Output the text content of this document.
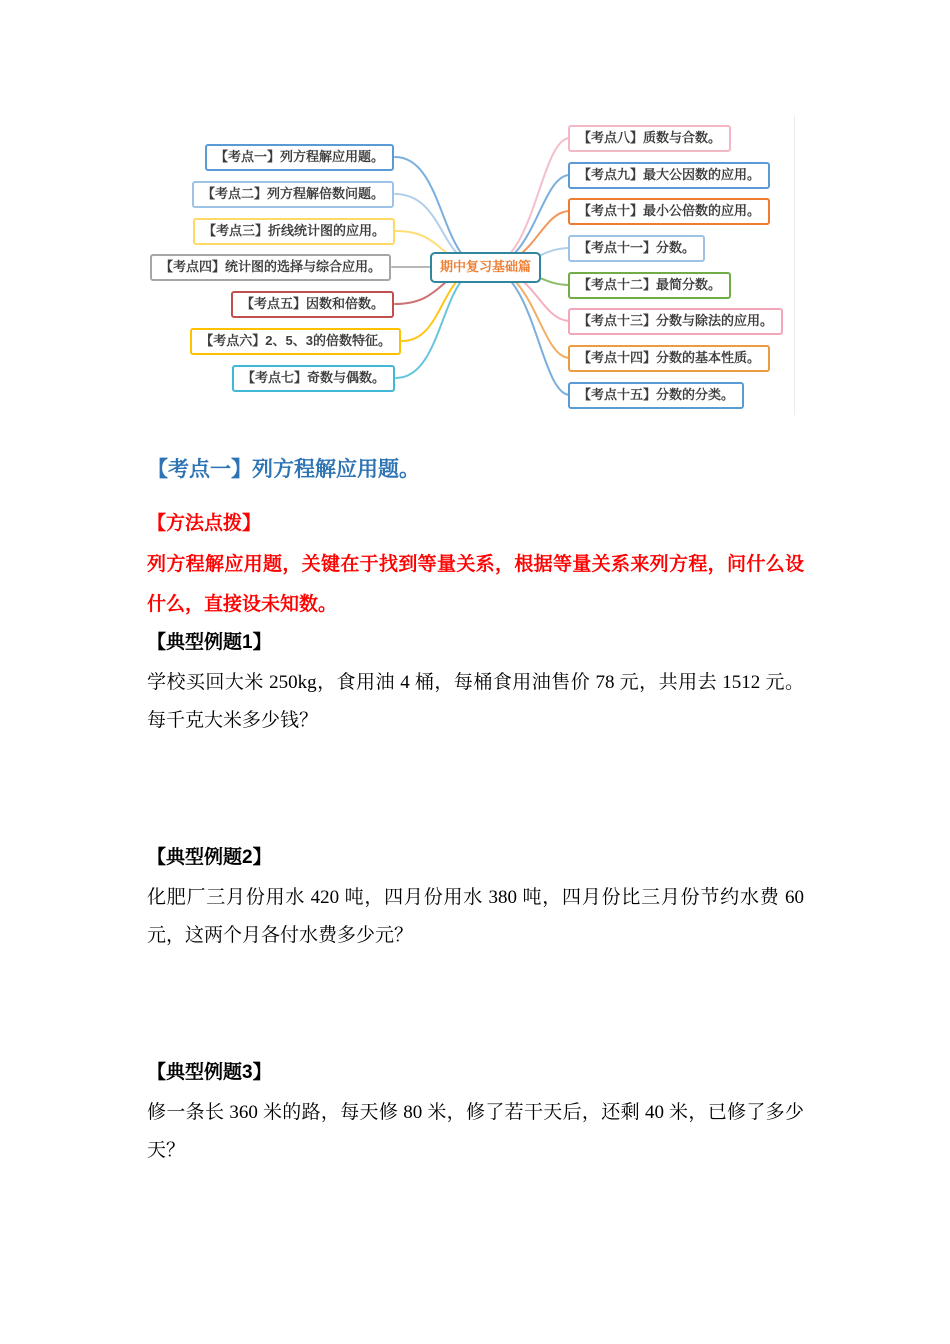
【考点一】列方程解应用题。
【考点二】列方程解倍数问题。
【考点三】折线统计图的应用。
【考点四】统计图的选择与综合应用。
【考点五】因数和倍数。
【考点六】2、5、3的倍数特征。
【考点七】奇数与偶数。
【考点八】质数与合数。
【考点九】最大公因数的应用。
【考点十】最小公倍数的应用。
【考点十一】分数。
【考点十二】最简分数。
【考点十三】分数与除法的应用。
【考点十四】分数的基本性质。
【考点十五】分数的分类。
期中复习基础篇
【考点一】列方程解应用题。
【方法点拨】
列方程解应用题，关键在于找到等量关系，根据等量关系来列方程，问什么设什么，直接设未知数。
【典型例题1】
学校买回大米 250kg，食用油 4 桶，每桶食用油售价 78 元，共用去 1512 元。每千克大米多少钱？
【典型例题2】
化肥厂三月份用水 420 吨，四月份用水 380 吨，四月份比三月份节约水费 60 元，这两个月各付水费多少元？
【典型例题3】
修一条长 360 米的路，每天修 80 米，修了若干天后，还剩 40 米，已修了多少天？
